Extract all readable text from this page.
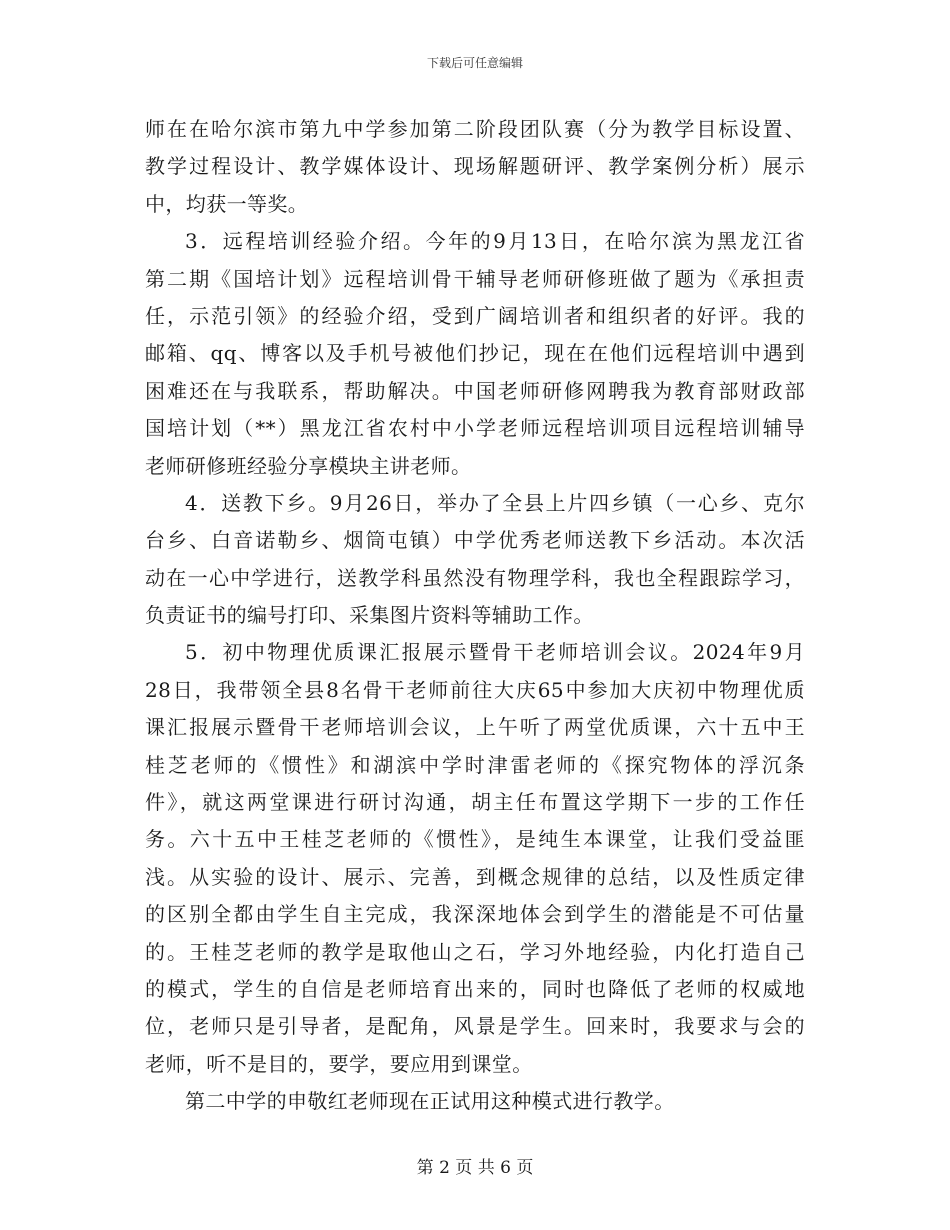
下载后可任意编辑
师在在哈尔滨市第九中学参加第二阶段团队赛（分为教学目标设置、
教学过程设计、教学媒体设计、现场解题研评、教学案例分析）展示
中，均获一等奖。
3．远程培训经验介绍。今年的9月13日，在哈尔滨为黑龙江省
第二期《国培计划》远程培训骨干辅导老师研修班做了题为《承担责
任，示范引领》的经验介绍，受到广阔培训者和组织者的好评。我的
邮箱、qq、博客以及手机号被他们抄记，现在在他们远程培训中遇到
困难还在与我联系，帮助解决。中国老师研修网聘我为教育部财政部
国培计划（**）黑龙江省农村中小学老师远程培训项目远程培训辅导
老师研修班经验分享模块主讲老师。
4．送教下乡。9月26日，举办了全县上片四乡镇（一心乡、克尔
台乡、白音诺勒乡、烟筒屯镇）中学优秀老师送教下乡活动。本次活
动在一心中学进行，送教学科虽然没有物理学科，我也全程跟踪学习，
负责证书的编号打印、采集图片资料等辅助工作。
5．初中物理优质课汇报展示暨骨干老师培训会议。2024年9月
28日，我带领全县8名骨干老师前往大庆65中参加大庆初中物理优质
课汇报展示暨骨干老师培训会议，上午听了两堂优质课，六十五中王
桂芝老师的《惯性》和湖滨中学时津雷老师的《探究物体的浮沉条
件》，就这两堂课进行研讨沟通，胡主任布置这学期下一步的工作任
务。六十五中王桂芝老师的《惯性》，是纯生本课堂，让我们受益匪
浅。从实验的设计、展示、完善，到概念规律的总结，以及性质定律
的区别全都由学生自主完成，我深深地体会到学生的潜能是不可估量
的。王桂芝老师的教学是取他山之石，学习外地经验，内化打造自己
的模式，学生的自信是老师培育出来的，同时也降低了老师的权威地
位，老师只是引导者，是配角，风景是学生。回来时，我要求与会的
老师，听不是目的，要学，要应用到课堂。
第二中学的申敬红老师现在正试用这种模式进行教学。
第 2 页 共 6 页
